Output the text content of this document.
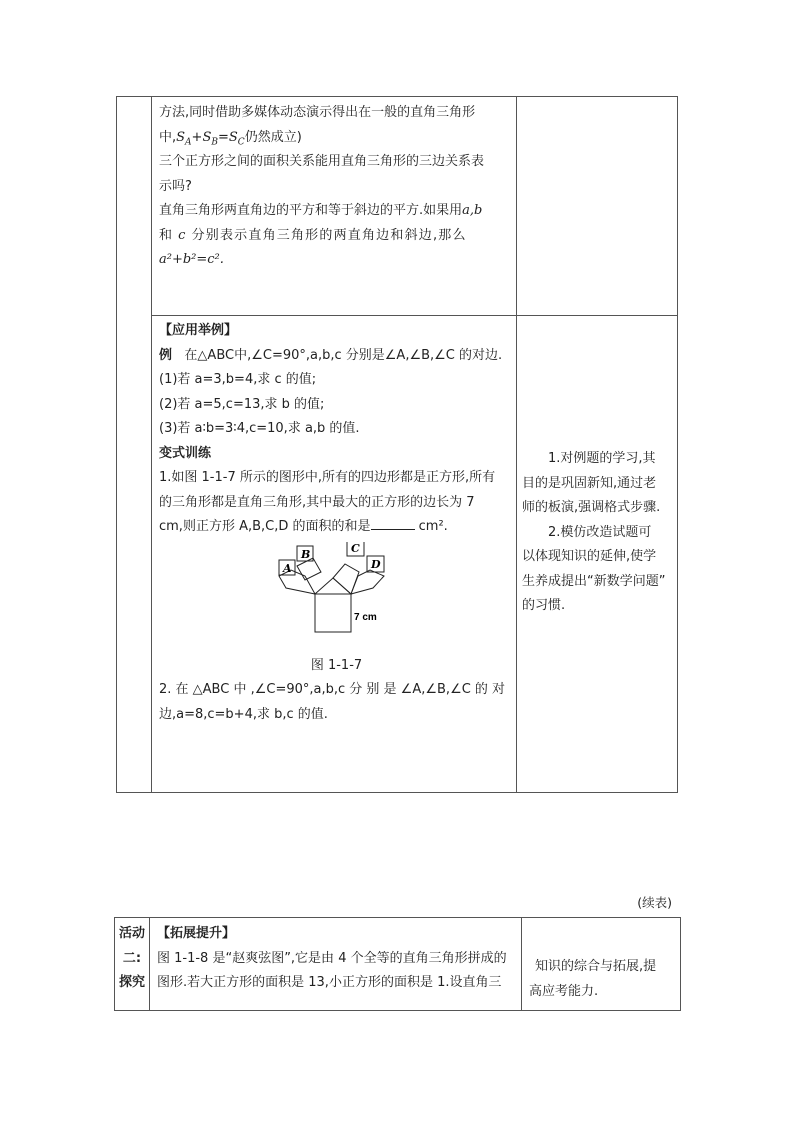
方法,同时借助多媒体动态演示得出在一般的直角三角形

中$,S_A+S_B=S_C$仍然成立)

三个正方形之间的面积关系能用直角三角形的三边关系表

示吗?

直角三角形两直角边的平方和等于斜边的平方.如果用a,b

和 c 分别表示直角三角形的两直角边和斜边,那么

a²+b²=c².

【应用举例】

例 在△ABC中,∠C=90°,a,b,c 分别是∠A,∠B,∠C 的对边.

(1)若 a=3,b=4,求 c 的值;

(2)若 a=5,c=13,求 b 的值;

(3)若 a∶b=3∶4,c=10,求 a,b 的值.

变式训练

1.如图 1-1-7 所示的图形中,所有的四边形都是正方形,所有

的三角形都是直角三角形,其中最大的正方形的边长为 7

cm,则正方形 A,B,C,D 的面积的和是	cm².

A
B	C
D
7 cm

图 1-1-7

2. 在 △ABC 中 ,∠C=90°,a,b,c 分 别 是 ∠A,∠B,∠C 的 对

边,a=8,c=b+4,求 b,c 的值.

1.对例题的学习,其
目的是巩固新知,通过老
师的板演,强调格式步骤.
2.模仿改造试题可
以体现知识的延伸,使学
生养成提出“新数学问题”
的习惯.
(续表)
活动
二:
探究

【拓展提升】

图 1-1-8 是“赵爽弦图”,它是由 4 个全等的直角三角形拼成的

图形.若大正方形的面积是 13,小正方形的面积是 1.设直角三

知识的综合与拓展,提
高应考能力.
